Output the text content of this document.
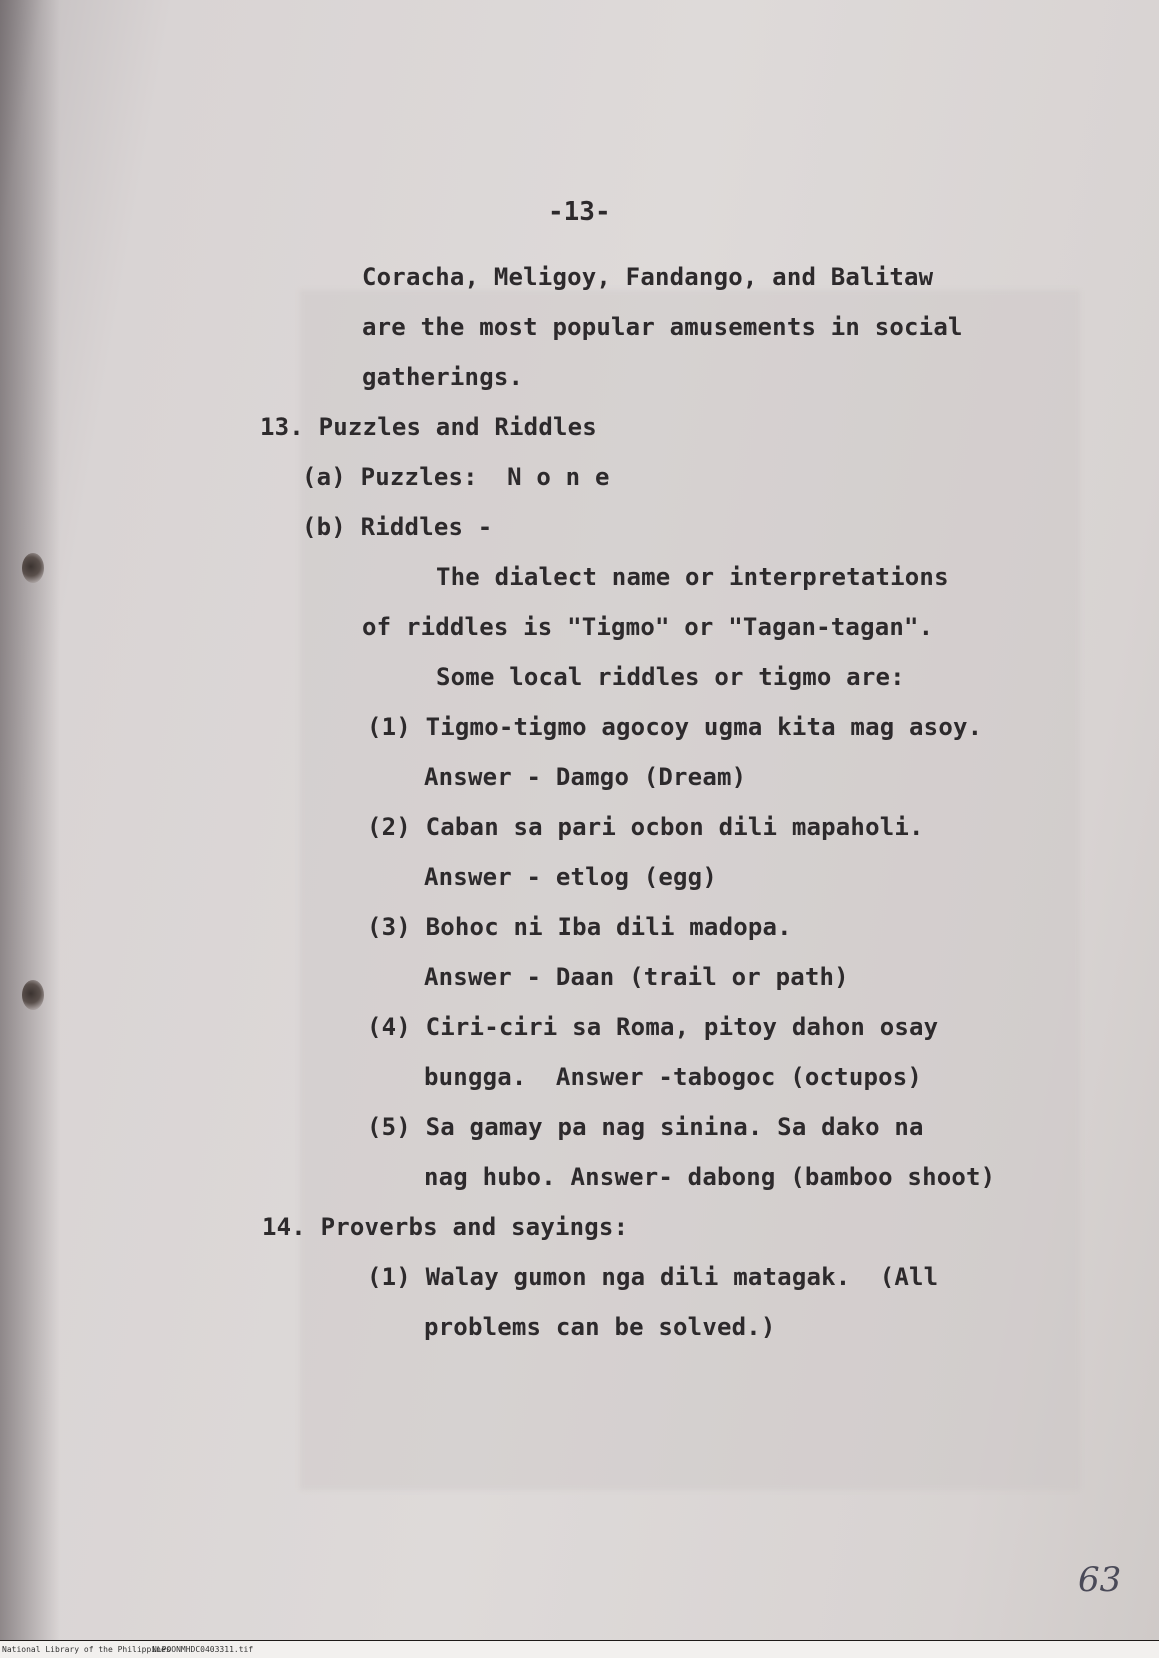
-13-
Coracha, Meligoy, Fandango, and Balitaw
are the most popular amusements in social
gatherings.
13. Puzzles and Riddles
(a) Puzzles:  N o n e
(b) Riddles -
The dialect name or interpretations
of riddles is "Tigmo" or "Tagan-tagan".
Some local riddles or tigmo are:
(1) Tigmo-tigmo agocoy ugma kita mag asoy.
Answer - Damgo (Dream)
(2) Caban sa pari ocbon dili mapaholi.
Answer - etlog (egg)
(3) Bohoc ni Iba dili madopa.
Answer - Daan (trail or path)
(4) Ciri-ciri sa Roma, pitoy dahon osay
bungga.  Answer -tabogoc (octupos)
(5) Sa gamay pa nag sinina. Sa dako na
nag hubo. Answer- dabong (bamboo shoot)
14. Proverbs and sayings:
(1) Walay gumon nga dili matagak.  (All
problems can be solved.)
63
National Library of the Philippines
NLPOONMHDC0403311.tif
